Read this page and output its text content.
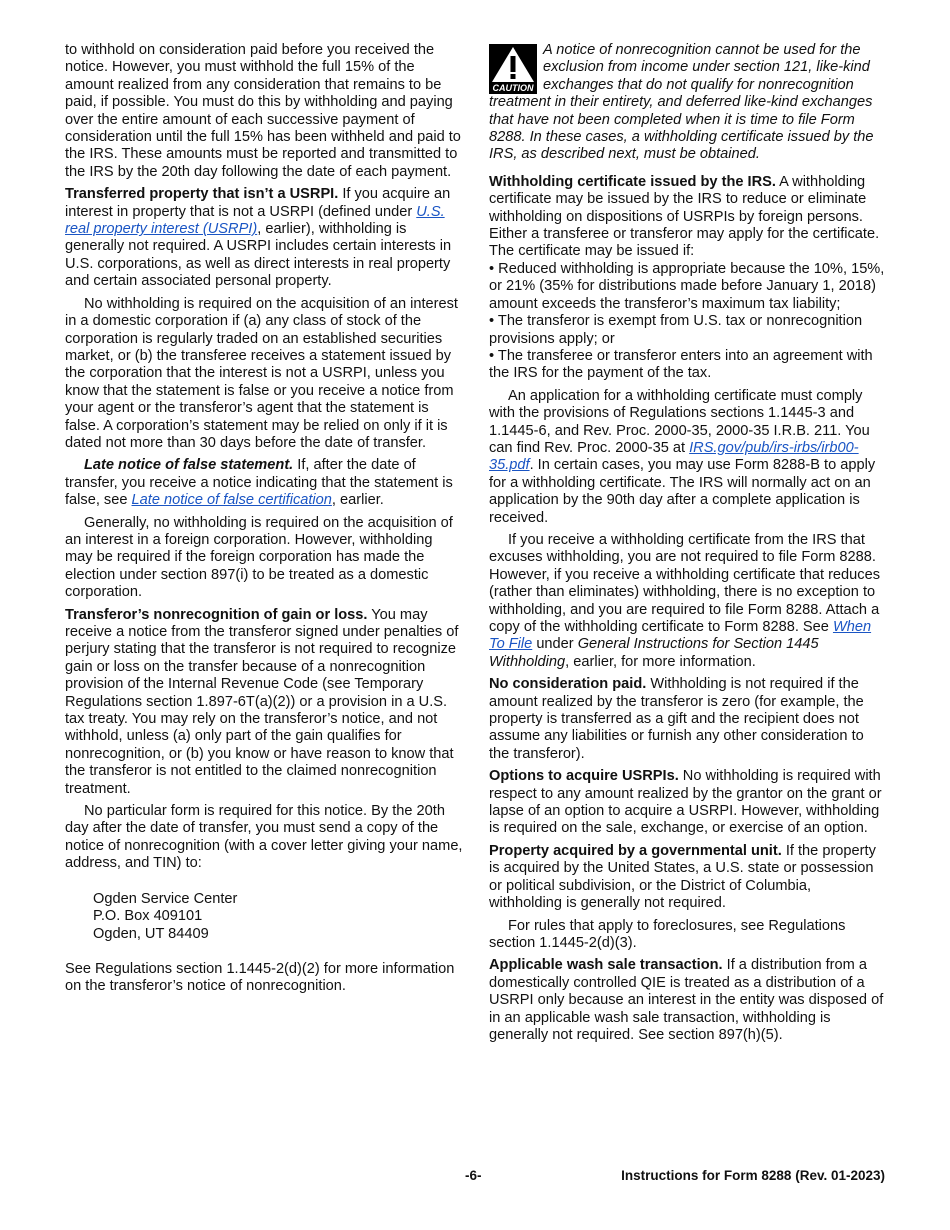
to withhold on consideration paid before you received the notice. However, you must withhold the full 15% of the amount realized from any consideration that remains to be paid, if possible. You must do this by withholding and paying over the entire amount of each successive payment of consideration until the full 15% has been withheld and paid to the IRS. These amounts must be reported and transmitted to the IRS by the 20th day following the date of each payment.

Transferred property that isn’t a USRPI. If you acquire an interest in property that is not a USRPI (defined under U.S. real property interest (USRPI), earlier), withholding is generally not required. A USRPI includes certain interests in U.S. corporations, as well as direct interests in real property and certain associated personal property.

No withholding is required on the acquisition of an interest in a domestic corporation if (a) any class of stock of the corporation is regularly traded on an established securities market, or (b) the transferee receives a statement issued by the corporation that the interest is not a USRPI, unless you know that the statement is false or you receive a notice from your agent or the transferor’s agent that the statement is false. A corporation’s statement may be relied on only if it is dated not more than 30 days before the date of transfer.

Late notice of false statement. If, after the date of transfer, you receive a notice indicating that the statement is false, see Late notice of false certification, earlier.

Generally, no withholding is required on the acquisition of an interest in a foreign corporation. However, withholding may be required if the foreign corporation has made the election under section 897(i) to be treated as a domestic corporation.

Transferor’s nonrecognition of gain or loss. You may receive a notice from the transferor signed under penalties of perjury stating that the transferor is not required to recognize gain or loss on the transfer because of a nonrecognition provision of the Internal Revenue Code (see Temporary Regulations section 1.897-6T(a)(2)) or a provision in a U.S. tax treaty. You may rely on the transferor’s notice, and not withhold, unless (a) only part of the gain qualifies for nonrecognition, or (b) you know or have reason to know that the transferor is not entitled to the claimed nonrecognition treatment.

No particular form is required for this notice. By the 20th day after the date of transfer, you must send a copy of the notice of nonrecognition (with a cover letter giving your name, address, and TIN) to:

Ogden Service Center
P.O. Box 409101
Ogden, UT 84409

See Regulations section 1.1445-2(d)(2) for more information on the transferor’s notice of nonrecognition.

CAUTION
A notice of nonrecognition cannot be used for the exclusion from income under section 121, like-kind exchanges that do not qualify for nonrecognition treatment in their entirety, and deferred like-kind exchanges that have not been completed when it is time to file Form 8288. In these cases, a withholding certificate issued by the IRS, as described next, must be obtained.

Withholding certificate issued by the IRS. A withholding certificate may be issued by the IRS to reduce or eliminate withholding on dispositions of USRPIs by foreign persons. Either a transferee or transferor may apply for the certificate. The certificate may be issued if:

• Reduced withholding is appropriate because the 10%, 15%, or 21% (35% for distributions made before January 1, 2018) amount exceeds the transferor’s maximum tax liability;

• The transferor is exempt from U.S. tax or nonrecognition provisions apply; or

• The transferee or transferor enters into an agreement with the IRS for the payment of the tax.

An application for a withholding certificate must comply with the provisions of Regulations sections 1.1445-3 and 1.1445-6, and Rev. Proc. 2000-35, 2000-35 I.R.B. 211. You can find Rev. Proc. 2000-35 at IRS.gov/pub/irs-irbs/irb00-35.pdf. In certain cases, you may use Form 8288-B to apply for a withholding certificate. The IRS will normally act on an application by the 90th day after a complete application is received.

If you receive a withholding certificate from the IRS that excuses withholding, you are not required to file Form 8288. However, if you receive a withholding certificate that reduces (rather than eliminates) withholding, there is no exception to withholding, and you are required to file Form 8288. Attach a copy of the withholding certificate to Form 8288. See When To File under General Instructions for Section 1445 Withholding, earlier, for more information.

No consideration paid. Withholding is not required if the amount realized by the transferor is zero (for example, the property is transferred as a gift and the recipient does not assume any liabilities or furnish any other consideration to the transferor).

Options to acquire USRPIs. No withholding is required with respect to any amount realized by the grantor on the grant or lapse of an option to acquire a USRPI. However, withholding is required on the sale, exchange, or exercise of an option.

Property acquired by a governmental unit. If the property is acquired by the United States, a U.S. state or possession or political subdivision, or the District of Columbia, withholding is generally not required.

For rules that apply to foreclosures, see Regulations section 1.1445-2(d)(3).

Applicable wash sale transaction. If a distribution from a domestically controlled QIE is treated as a distribution of a USRPI only because an interest in the entity was disposed of in an applicable wash sale transaction, withholding is generally not required. See section 897(h)(5).

-6-	Instructions for Form 8288 (Rev. 01-2023)
